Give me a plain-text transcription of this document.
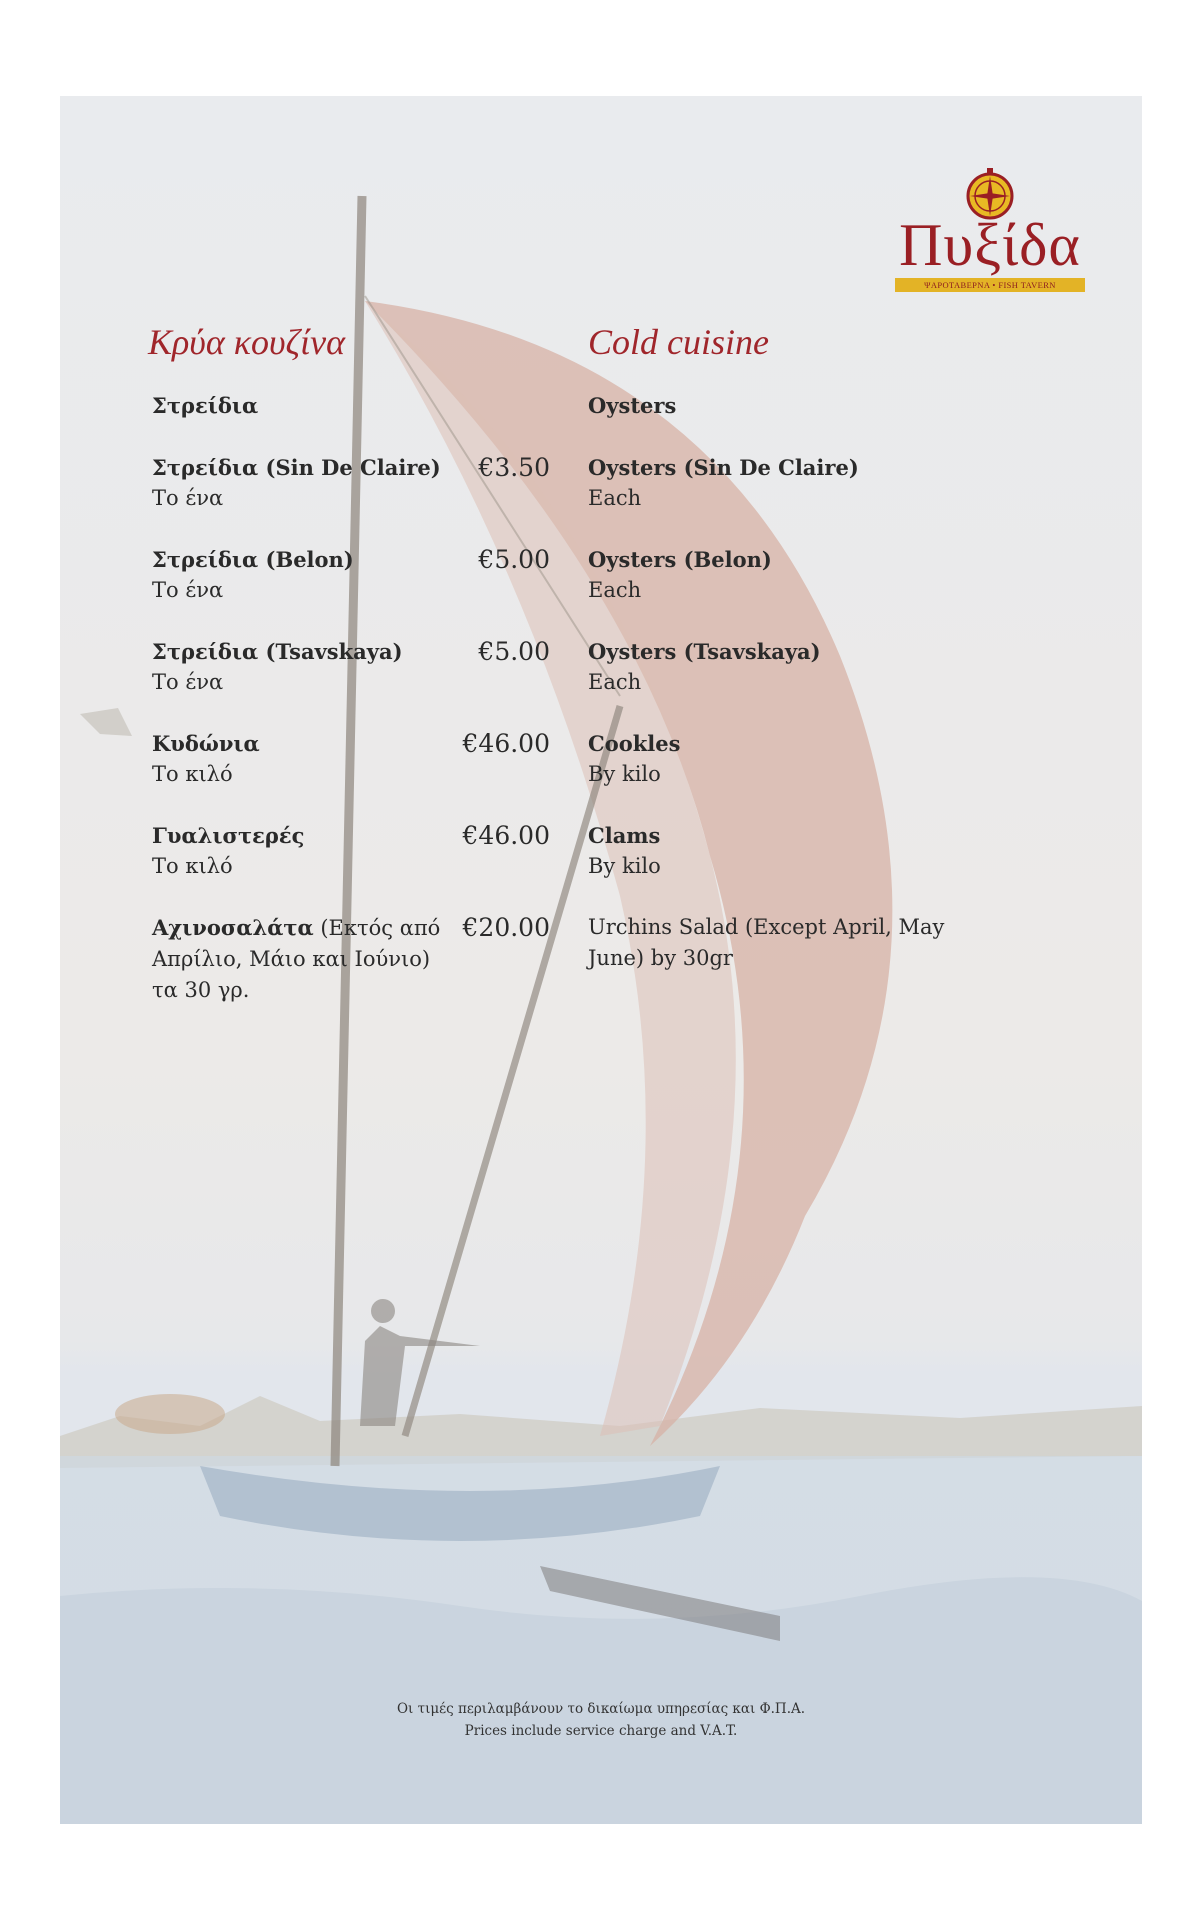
Πυξίδα
ΨΑΡΟΤΑΒΕΡΝΑ • FISH TAVERN
Κρύα κουζίνα	Cold cuisine
Στρείδια	Oysters
Στρείδια (Sin De Claire)
Το ένα
€3.50 Oysters (Sin De Claire)
Each
Στρείδια (Belon)
Το ένα
€5.00 Oysters (Belon)
Each
Στρείδια (Tsavskaya)
Το ένα
€5.00 Oysters (Tsavskaya)
Each
Κυδώνια
Το κιλό
€46.00 Cookles
By kilo
Γυαλιστερές
Το κιλό
€46.00 Clams
By kilo
Αχινοσαλάτα (Εκτός από
Απρίλιο, Μάιο και Ιούνιο)
τα 30 γρ.
€20.00 Urchins Salad (Except April, May
June) by 30gr
Οι τιμές περιλαμβάνουν το δικαίωμα υπηρεσίας και Φ.Π.Α.
Prices include service charge and V.A.T.
